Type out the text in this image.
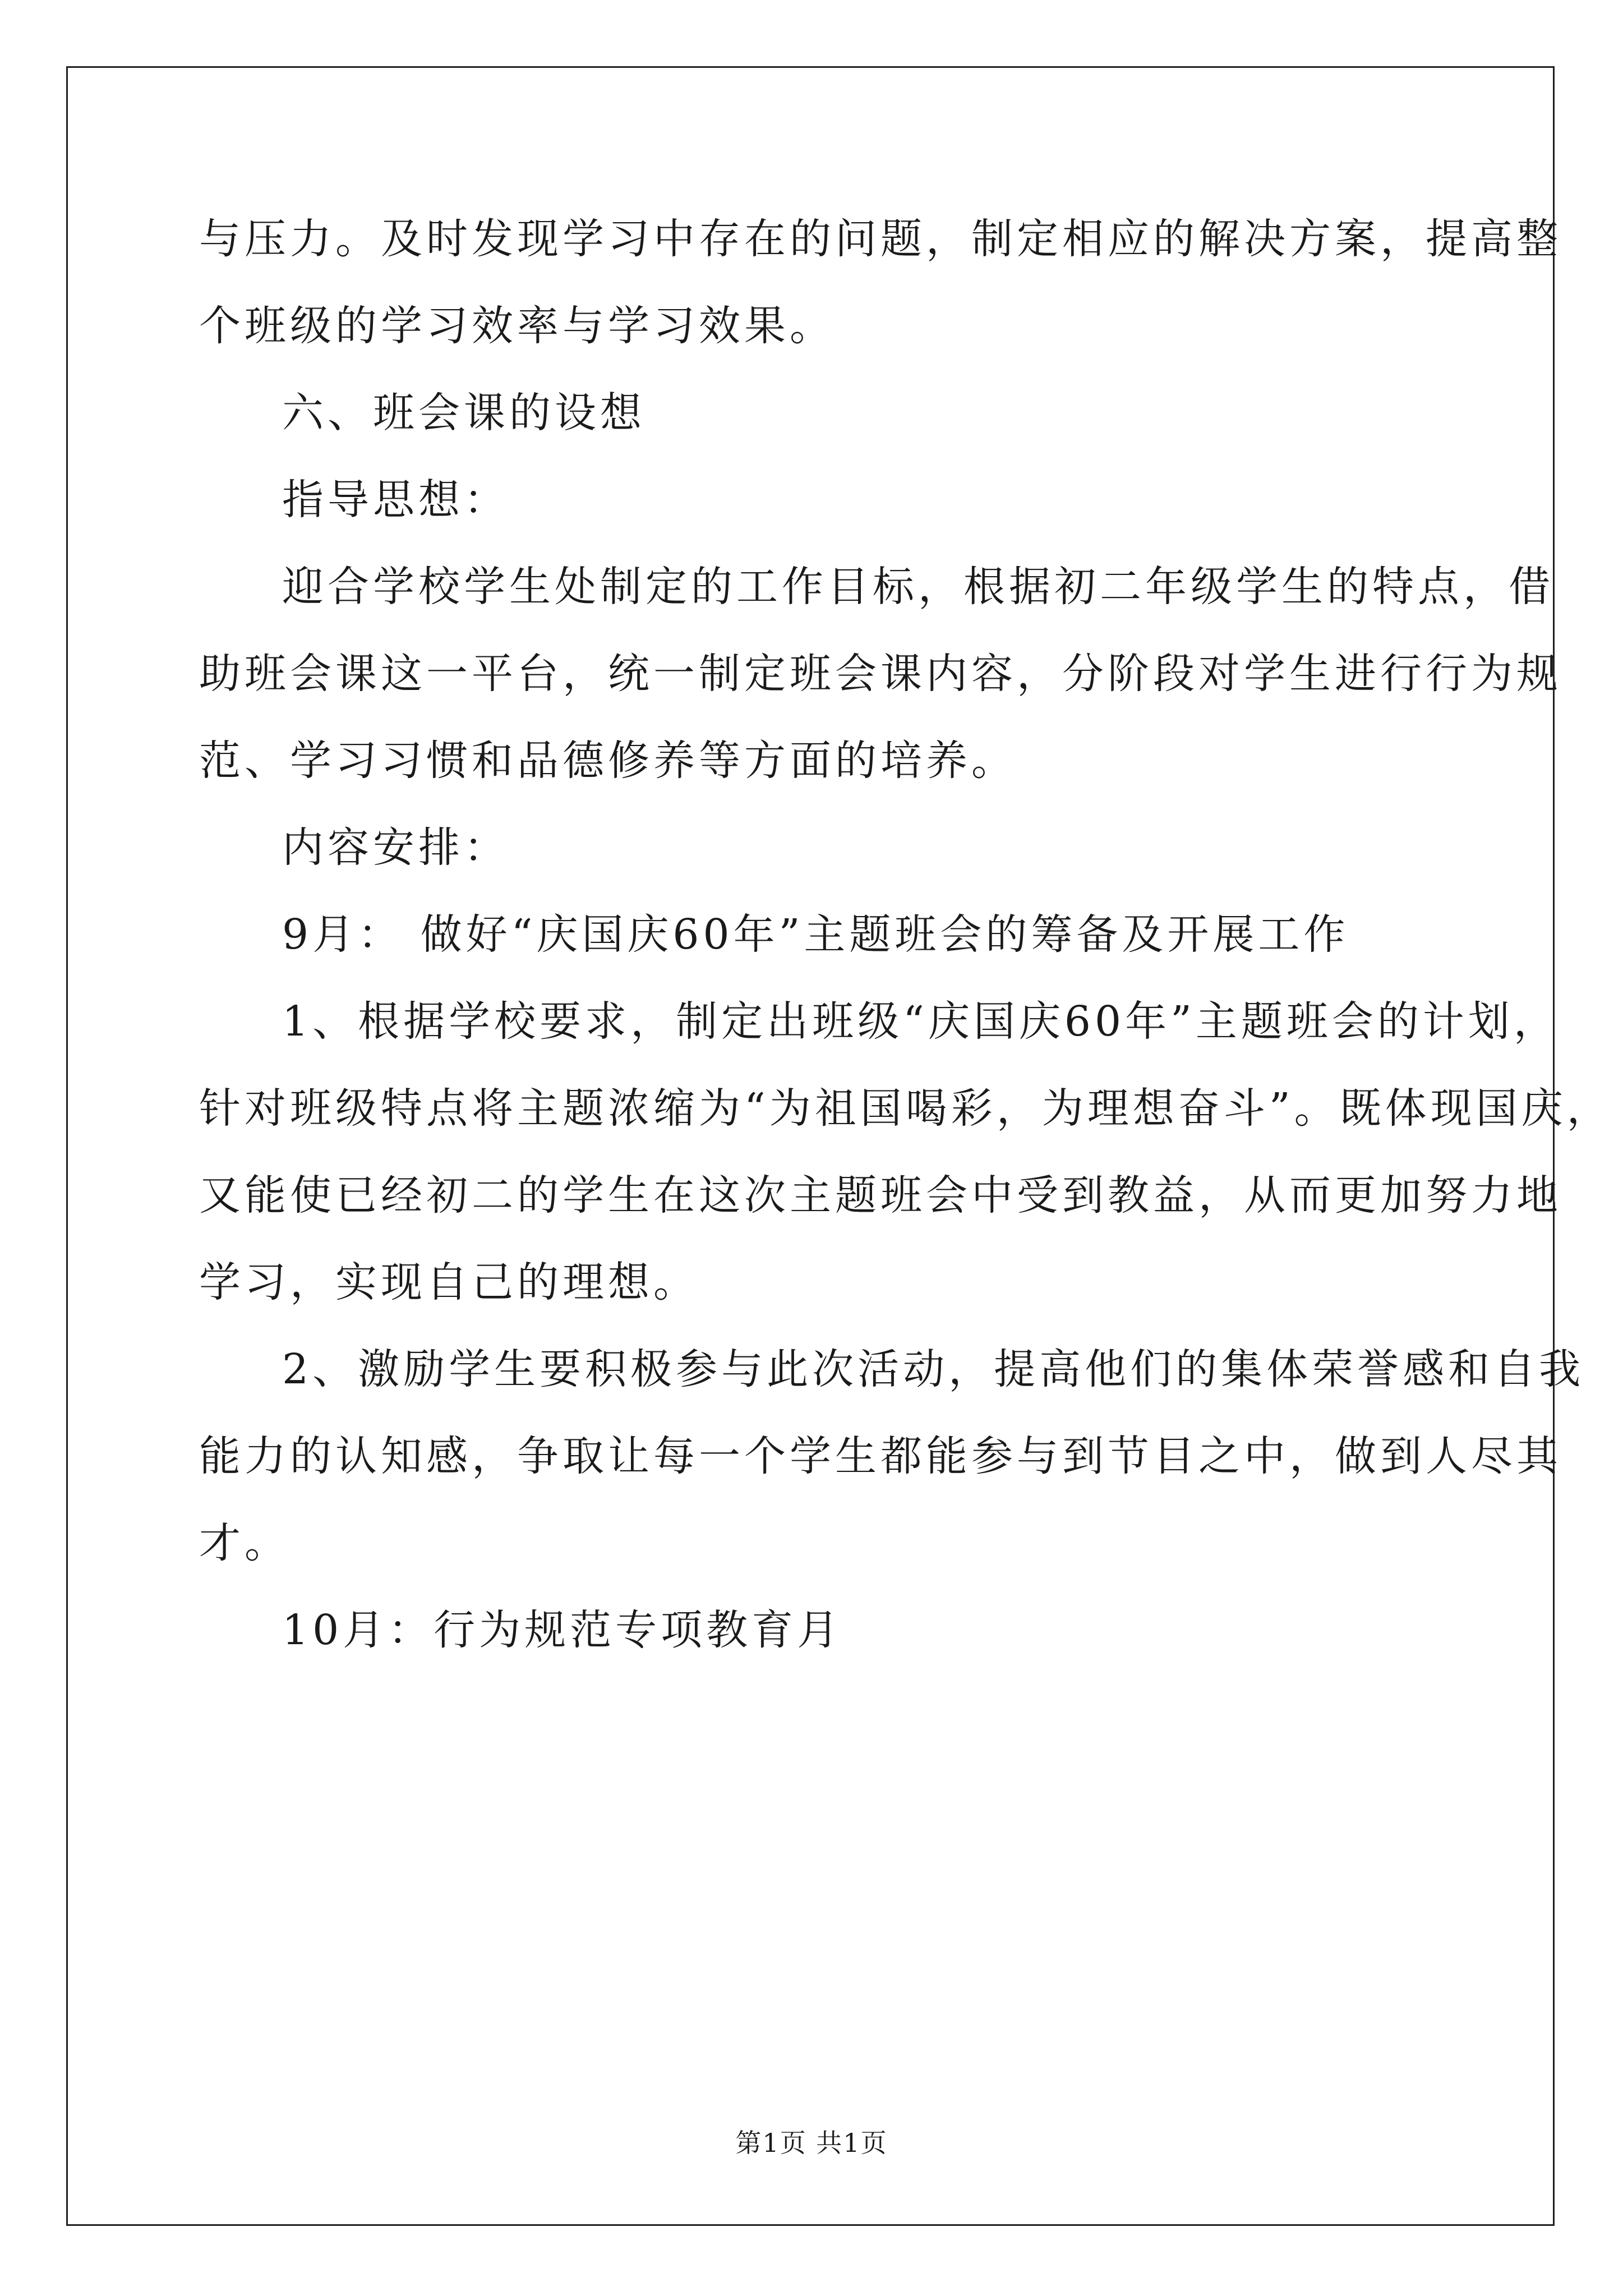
与压力。及时发现学习中存在的问题，制定相应的解决方案，提高整
个班级的学习效率与学习效果。
六、班会课的设想
指导思想：
迎合学校学生处制定的工作目标，根据初二年级学生的特点，借
助班会课这一平台，统一制定班会课内容，分阶段对学生进行行为规
范、学习习惯和品德修养等方面的培养。
内容安排：
9月： 做好“庆国庆60年”主题班会的筹备及开展工作
1、根据学校要求，制定出班级“庆国庆60年”主题班会的计划，
针对班级特点将主题浓缩为“为祖国喝彩，为理想奋斗”。既体现国庆，
又能使已经初二的学生在这次主题班会中受到教益，从而更加努力地
学习，实现自己的理想。
2、激励学生要积极参与此次活动，提高他们的集体荣誉感和自我
能力的认知感，争取让每一个学生都能参与到节目之中，做到人尽其
才。
10月：行为规范专项教育月
第1页 共1页
